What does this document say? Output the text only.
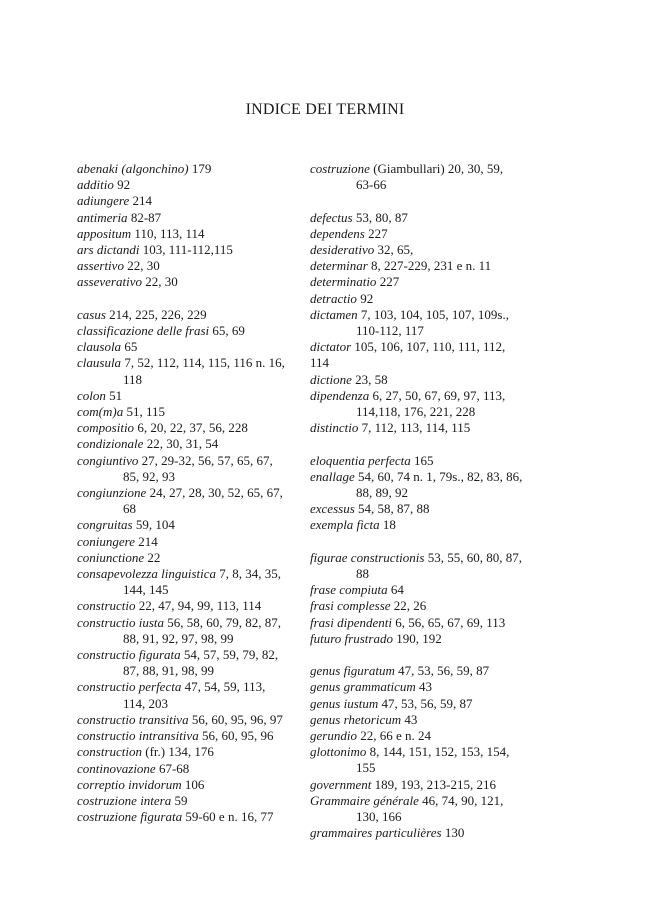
INDICE DEI TERMINI
abenaki (algonchino) 179
additio 92
adiungere 214
antimeria 82-87
appositum 110, 113, 114
ars dictandi 103, 111-112,115
assertivo 22, 30
asseverativo 22, 30
casus 214, 225, 226, 229
classificazione delle frasi 65, 69
clausola 65
clausula 7, 52, 112, 114, 115, 116 n. 16,
118
colon 51
com(m)a 51, 115
compositio 6, 20, 22, 37, 56, 228
condizionale 22, 30, 31, 54
congiuntivo 27, 29-32, 56, 57, 65, 67,
85, 92, 93
congiunzione 24, 27, 28, 30, 52, 65, 67,
68
congruitas 59, 104
coniungere 214
coniunctione 22
consapevolezza linguistica 7, 8, 34, 35,
144, 145
constructio 22, 47, 94, 99, 113, 114
constructio iusta 56, 58, 60, 79, 82, 87,
88, 91, 92, 97, 98, 99
constructio figurata 54, 57, 59, 79, 82,
87, 88, 91, 98, 99
constructio perfecta 47, 54, 59, 113,
114, 203
constructio transitiva 56, 60, 95, 96, 97
constructio intransitiva 56, 60, 95, 96
construction (fr.) 134, 176
continovazione 67-68
correptio invidorum 106
costruzione intera 59
costruzione figurata 59-60 e n. 16, 77
costruzione (Giambullari) 20, 30, 59,
63-66
defectus 53, 80, 87
dependens 227
desiderativo 32, 65,
determinar 8, 227-229, 231 e n. 11
determinatio 227
detractio 92
dictamen 7, 103, 104, 105, 107, 109s.,
110-112, 117
dictator 105, 106, 107, 110, 111, 112, 114
dictione 23, 58
dipendenza 6, 27, 50, 67, 69, 97, 113,
114,118, 176, 221, 228
distinctio 7, 112, 113, 114, 115
eloquentia perfecta 165
enallage 54, 60, 74 n. 1, 79s., 82, 83, 86,
88, 89, 92
excessus 54, 58, 87, 88
exempla ficta 18
figurae constructionis 53, 55, 60, 80, 87,
88
frase compiuta 64
frasi complesse 22, 26
frasi dipendenti 6, 56, 65, 67, 69, 113
futuro frustrado 190, 192
genus figuratum 47, 53, 56, 59, 87
genus grammaticum 43
genus iustum 47, 53, 56, 59, 87
genus rhetoricum 43
gerundio 22, 66 e n. 24
glottonimo 8, 144, 151, 152, 153, 154,
155
government 189, 193, 213-215, 216
Grammaire générale 46, 74, 90, 121,
130, 166
grammaires particulières 130
